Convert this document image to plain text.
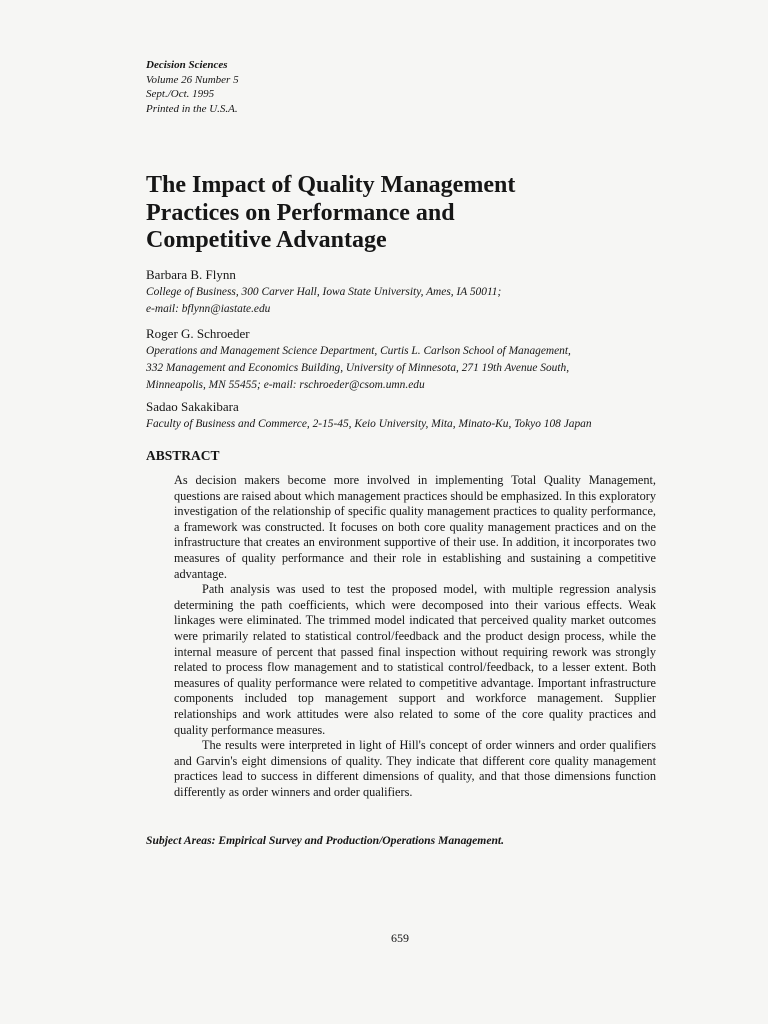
Decision Sciences
Volume 26 Number 5
Sept./Oct. 1995
Printed in the U.S.A.
The Impact of Quality Management
Practices on Performance and
Competitive Advantage
Barbara B. Flynn
College of Business, 300 Carver Hall, Iowa State University, Ames, IA 50011;
e-mail: bflynn@iastate.edu
Roger G. Schroeder
Operations and Management Science Department, Curtis L. Carlson School of Management,
332 Management and Economics Building, University of Minnesota, 271 19th Avenue South,
Minneapolis, MN 55455; e-mail: rschroeder@csom.umn.edu
Sadao Sakakibara
Faculty of Business and Commerce, 2-15-45, Keio University, Mita, Minato-Ku, Tokyo 108 Japan
ABSTRACT

As decision makers become more involved in implementing Total Quality Management, questions are raised about which management practices should be emphasized. In this exploratory investigation of the relationship of specific quality management practices to quality performance, a framework was constructed. It focuses on both core quality management practices and on the infrastructure that creates an environment supportive of their use. In addition, it incorporates two measures of quality performance and their role in establishing and sustaining a competitive advantage.

Path analysis was used to test the proposed model, with multiple regression analysis determining the path coefficients, which were decomposed into their various effects. Weak linkages were eliminated. The trimmed model indicated that perceived quality market outcomes were primarily related to statistical control/feedback and the product design process, while the internal measure of percent that passed final inspection without requiring rework was strongly related to process flow management and to statistical control/feedback, to a lesser extent. Both measures of quality performance were related to competitive advantage. Important infrastructure components included top management support and workforce management. Supplier relationships and work attitudes were also related to some of the core quality practices and quality performance measures.

The results were interpreted in light of Hill's concept of order winners and order qualifiers and Garvin's eight dimensions of quality. They indicate that different core quality management practices lead to success in different dimensions of quality, and that those dimensions function differently as order winners and order qualifiers.

Subject Areas: Empirical Survey and Production/Operations Management.
659
